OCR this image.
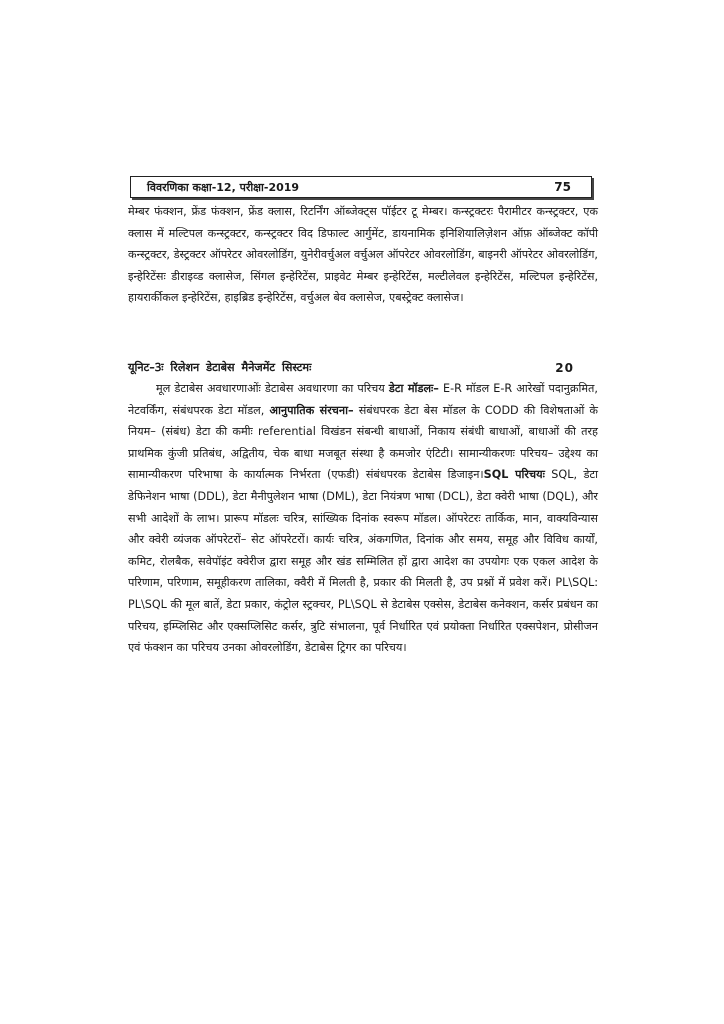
विवरणिका कक्षा-12, परीक्षा-2019	75

मेम्बर फंक्शन, फ्रेंड फंक्शन, फ्रेंड क्लास, रिटर्निंग ऑब्जेक्ट्स पॉईटर टू मेम्बर। कन्स्ट्रक्टरः पैरामीटर कन्स्ट्रक्टर, एक क्लास में मल्टिपल कन्स्ट्रक्टर, कन्स्ट्रक्टर विद डिफाल्ट आर्गुमेंट, डायनामिक इनिशियालिज़ेशन ऑफ़ ऑब्जेक्ट कॉपी कन्स्ट्रक्टर, डेस्ट्रक्टर ऑपरेटर ओवरलोडिंग, युनेरीवर्चुअल वर्चुअल ऑपरेटर ओवरलोडिंग, बाइनरी ऑपरेटर ओवरलोडिंग, इन्हेरिटेंसः डीराइव्ड क्लासेज, सिंगल इन्हेरिटेंस, प्राइवेट मेम्बर इन्हेरिटेंस, मल्टीलेवल इन्हेरिटेंस, मल्टिपल इन्हेरिटेंस, हायरार्कीकल इन्हेरिटेंस, हाइब्रिड इन्हेरिटेंस, वर्चुअल बेव क्लासेज, एबस्ट्रेक्ट क्लासेज।

यूनिट–3ः रिलेशन डेटाबेस मैनेजमेंट सिस्टमः	20

मूल डेटाबेस अवधारणाओंः डेटाबेस अवधारणा का परिचय डेटा मॉडलः– E-R मॉडल E-R आरेखों पदानुक्रमित, नेटवर्किंग, संबंधपरक डेटा मॉडल, आनुपातिक संरचना– संबंधपरक डेटा बेस मॉडल के CODD की विशेषताओं के नियम– (संबंध) डेटा की कमीः referential विखंडन संबन्धी बाधाओं, निकाय संबंधी बाधाओं, बाधाओं की तरह प्राथमिक कुंजी प्रतिबंध, अद्वितीय, चेक बाधा मजबूत संस्था है कमजोर एंटिटी। सामान्यीकरणः परिचय– उद्देश्य का सामान्यीकरण परिभाषा के कार्यात्मक निर्भरता (एफडी) संबंधपरक डेटाबेस डिजाइन।SQL परिचयः SQL, डेटा डेफिनेशन भाषा (DDL), डेटा मैनीपुलेशन भाषा (DML), डेटा नियंत्रण भाषा (DCL), डेटा क्वेरी भाषा (DQL), और सभी आदेशों के लाभ। प्रारूप मॉडलः चरित्र, सांख्यिक दिनांक स्वरूप मॉडल। ऑपरेटरः तार्किक, मान, वाक्यविन्यास और क्वेरी व्यंजक ऑपरेटरों– सेट ऑपरेटरों। कार्यः चरित्र, अंकगणित, दिनांक और समय, समूह और विविध कार्यों, कमिट, रोलबैक, सवेपॉइंट क्वेरीज द्वारा समूह और खंड सम्मिलित हों द्वारा आदेश का उपयोगः एक एकल आदेश के परिणाम, परिणाम, समूहीकरण तालिका, क्वैरी में मिलती है, प्रकार की मिलती है, उप प्रश्नों में प्रवेश करें। PL\SQL: PL\SQL की मूल बातें, डेटा प्रकार, कंट्रोल स्ट्रक्चर, PL\SQL से डेटाबेस एक्सेस, डेटाबेस कनेक्शन, कर्सर प्रबंधन का परिचय, इम्प्लिसिट और एक्सप्लिसिट कर्सर, त्रुटि संभालना, पूर्व निर्धारित एवं प्रयोक्ता निर्धारित एक्सपेशन, प्रोसीजन एवं फंक्शन का परिचय उनका ओवरलोडिंग, डेटाबेस ट्रिगर का परिचय।
